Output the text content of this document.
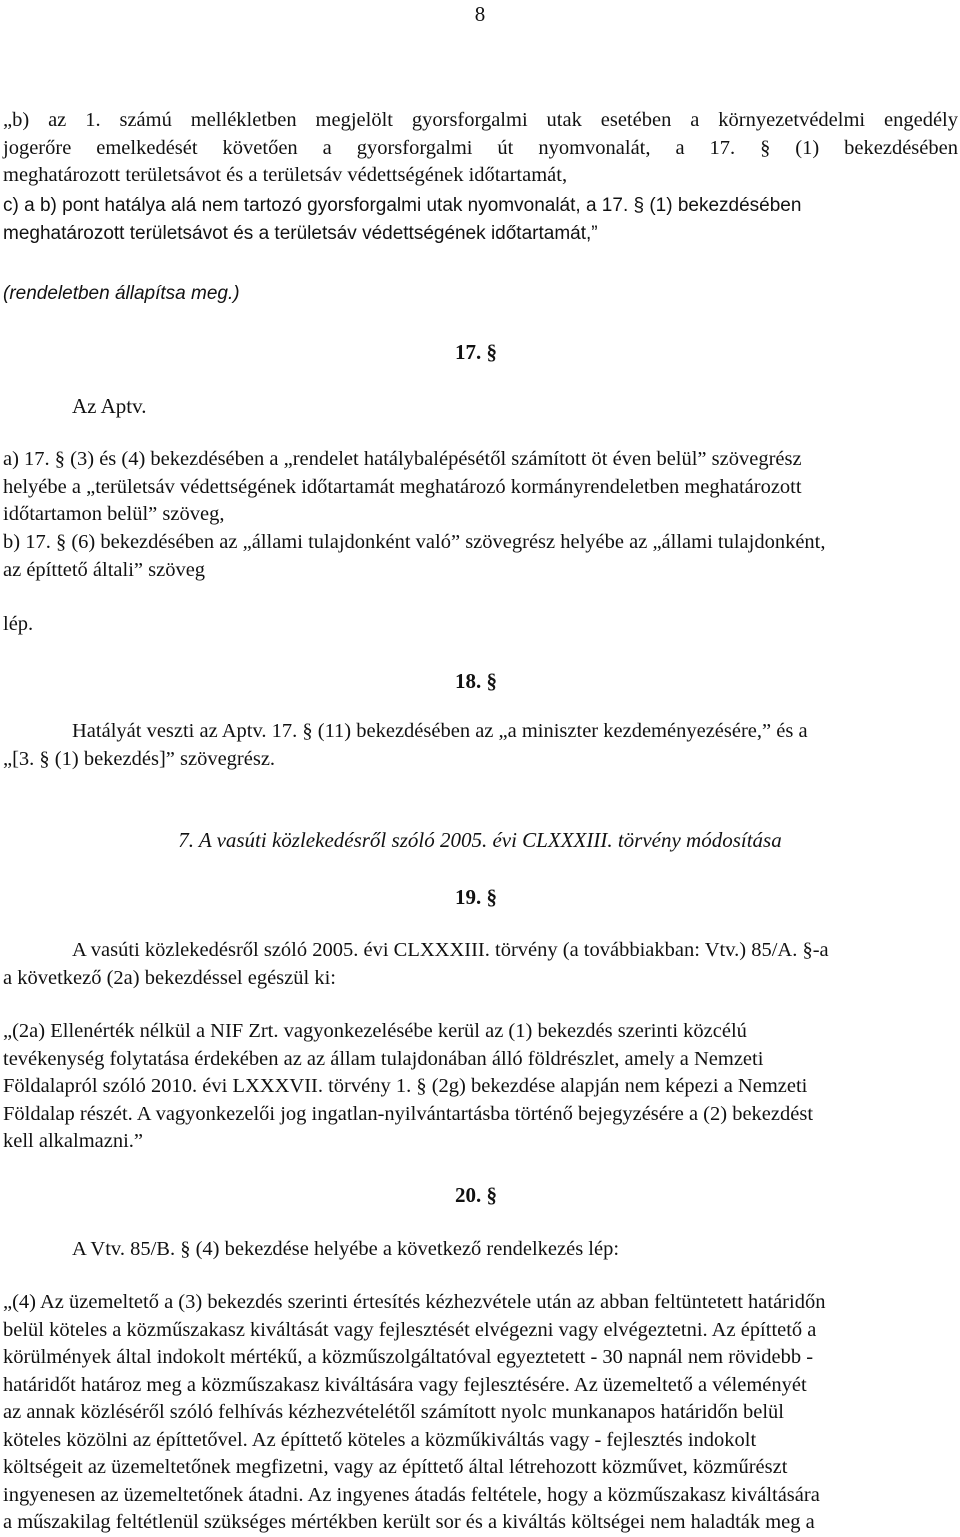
8
„b) az 1. számú mellékletben megjelölt gyorsforgalmi utak esetében a környezetvédelmi engedély
jogerőre emelkedését követően a gyorsforgalmi út nyomvonalát, a 17. § (1) bekezdésében
meghatározott területsávot és a területsáv védettségének időtartamát,
c) a b) pont hatálya alá nem tartozó gyorsforgalmi utak nyomvonalát, a 17. § (1) bekezdésében
meghatározott területsávot és a területsáv védettségének időtartamát,”
(rendeletben állapítsa meg.)
17. §
Az Aptv.
a) 17. § (3) és (4) bekezdésében a „rendelet hatálybalépésétől számított öt éven belül” szövegrész
helyébe a „területsáv védettségének időtartamát meghatározó kormányrendeletben meghatározott
időtartamon belül” szöveg,
b) 17. § (6) bekezdésében az „állami tulajdonként való” szövegrész helyébe az „állami tulajdonként,
az építtető általi” szöveg
lép.
18. §
Hatályát veszti az Aptv. 17. § (11) bekezdésében az „a miniszter kezdeményezésére,” és a
„[3. § (1) bekezdés]” szövegrész.
7. A vasúti közlekedésről szóló 2005. évi CLXXXIII. törvény módosítása
19. §
A vasúti közlekedésről szóló 2005. évi CLXXXIII. törvény (a továbbiakban: Vtv.) 85/A. §-a
a következő (2a) bekezdéssel egészül ki:
„(2a) Ellenérték nélkül a NIF Zrt. vagyonkezelésébe kerül az (1) bekezdés szerinti közcélú
tevékenység folytatása érdekében az az állam tulajdonában álló földrészlet, amely a Nemzeti
Földalapról szóló 2010. évi LXXXVII. törvény 1. § (2g) bekezdése alapján nem képezi a Nemzeti
Földalap részét. A vagyonkezelői jog ingatlan-nyilvántartásba történő bejegyzésére a (2) bekezdést
kell alkalmazni.”
20. §
A Vtv. 85/B. § (4) bekezdése helyébe a következő rendelkezés lép:
„(4) Az üzemeltető a (3) bekezdés szerinti értesítés kézhezvétele után az abban feltüntetett határidőn
belül köteles a közműszakasz kiváltását vagy fejlesztését elvégezni vagy elvégeztetni. Az építtető a
körülmények által indokolt mértékű, a közműszolgáltatóval egyeztetett - 30 napnál nem rövidebb -
határidőt határoz meg a közműszakasz kiváltására vagy fejlesztésére. Az üzemeltető a véleményét
az annak közléséről szóló felhívás kézhezvételétől számított nyolc munkanapos határidőn belül
köteles közölni az építtetővel. Az építtető köteles a közműkiváltás vagy - fejlesztés indokolt
költségeit az üzemeltetőnek megfizetni, vagy az építtető által létrehozott közművet, közműrészt
ingyenesen az üzemeltetőnek átadni. Az ingyenes átadás feltétele, hogy a közműszakasz kiváltására
a műszakilag feltétlenül szükséges mértékben került sor és a kiváltás költségei nem haladták meg a
